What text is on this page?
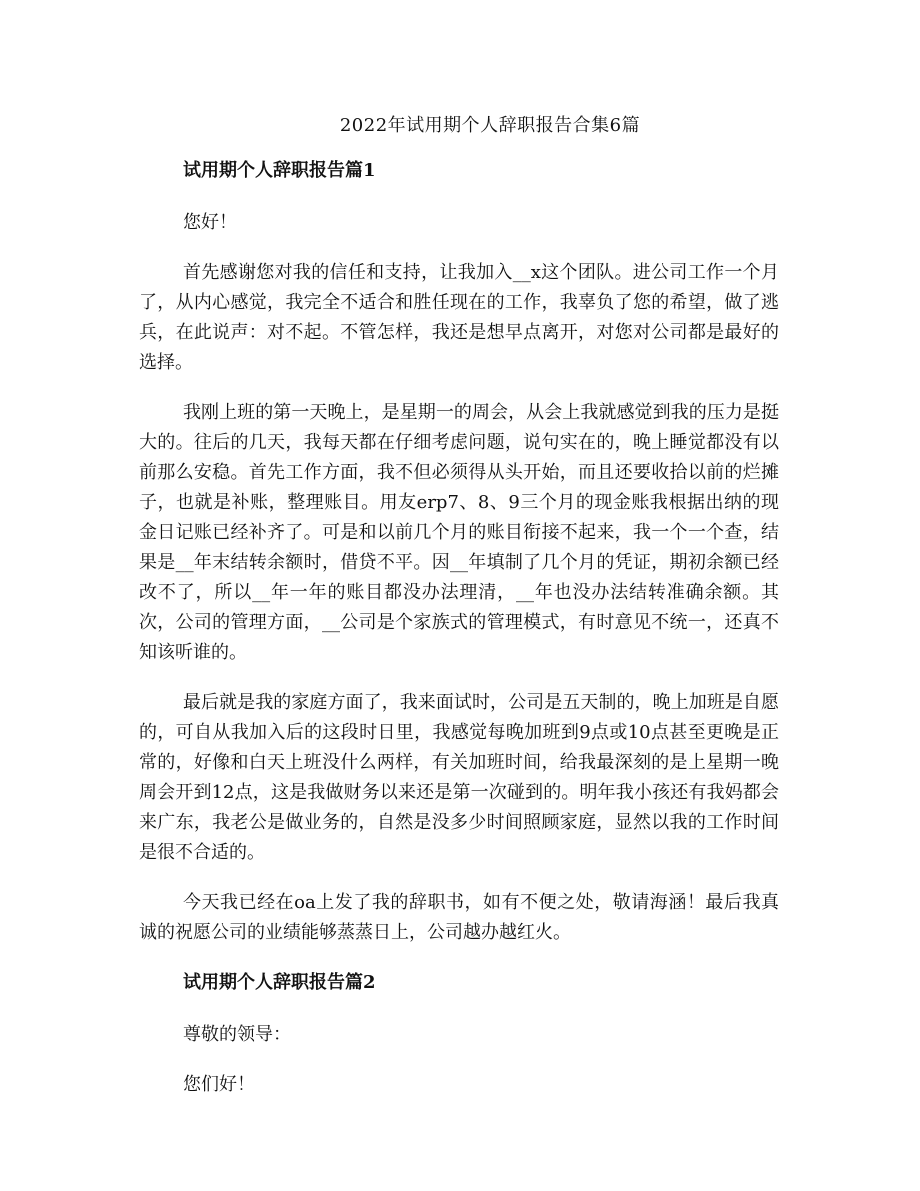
2022年试用期个人辞职报告合集6篇
试用期个人辞职报告篇1
您好！

首先感谢您对我的信任和支持，让我加入__x这个团队。进公司工作一个月了，从内心感觉，我完全不适合和胜任现在的工作，我辜负了您的希望，做了逃兵，在此说声：对不起。不管怎样，我还是想早点离开，对您对公司都是最好的选择。

我刚上班的第一天晚上，是星期一的周会，从会上我就感觉到我的压力是挺大的。往后的几天，我每天都在仔细考虑问题，说句实在的，晚上睡觉都没有以前那么安稳。首先工作方面，我不但必须得从头开始，而且还要收拾以前的烂摊子，也就是补账，整理账目。用友erp7、8、9三个月的现金账我根据出纳的现金日记账已经补齐了。可是和以前几个月的账目衔接不起来，我一个一个查，结果是__年末结转余额时，借贷不平。因__年填制了几个月的凭证，期初余额已经改不了，所以__年一年的账目都没办法理清，__年也没办法结转准确余额。其次，公司的管理方面，__公司是个家族式的管理模式，有时意见不统一，还真不知该听谁的。

最后就是我的家庭方面了，我来面试时，公司是五天制的，晚上加班是自愿的，可自从我加入后的这段时日里，我感觉每晚加班到9点或10点甚至更晚是正常的，好像和白天上班没什么两样，有关加班时间，给我最深刻的是上星期一晚周会开到12点，这是我做财务以来还是第一次碰到的。明年我小孩还有我妈都会来广东，我老公是做业务的，自然是没多少时间照顾家庭，显然以我的工作时间是很不合适的。

今天我已经在oa上发了我的辞职书，如有不便之处，敬请海涵！最后我真诚的祝愿公司的业绩能够蒸蒸日上，公司越办越红火。

试用期个人辞职报告篇2
尊敬的领导：
您们好！
